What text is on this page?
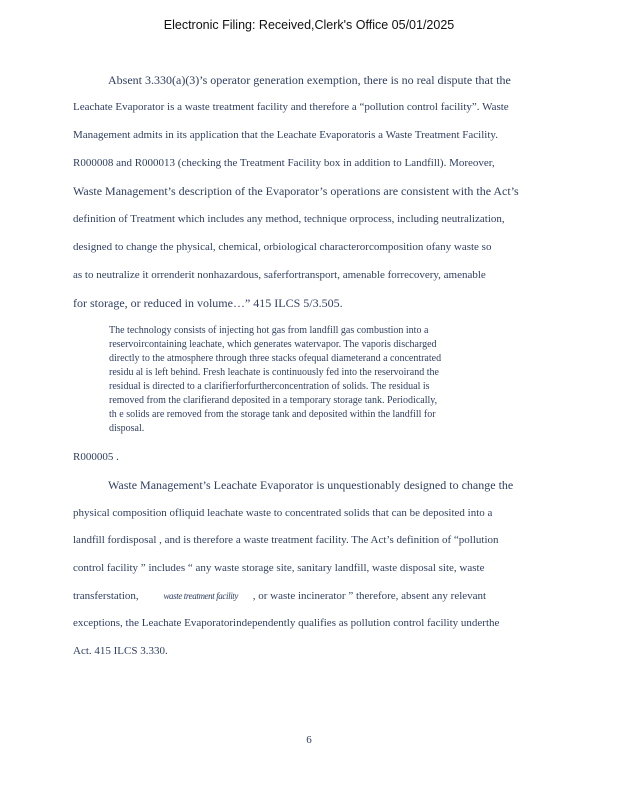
Electronic Filing: Received,Clerk's Office 05/01/2025
Absent 3.330(a)(3)’s operator generation exemption, there is no real dispute that the
Leachate Evaporator is a waste treatment facility and therefore a “pollution control facility”. Waste
Management admits in its application that the Leachate Evaporatoris a Waste Treatment Facility.
R000008 and R000013 (checking the Treatment Facility box in addition to Landfill). Moreover,
Waste Management’s description of the Evaporator’s operations are consistent with the Act’s
definition of Treatment which includes any method, technique orprocess, including neutralization,
designed to change the physical, chemical, orbiological characterorcomposition ofany waste so
as to neutralize it orrenderit nonhazardous, saferfortransport, amenable forrecovery, amenable
for storage, or reduced in volume…” 415 ILCS 5/3.505.
The technology consists of injecting hot gas from landfill gas combustion into a
reservoircontaining leachate, which generates watervapor. The vaporis discharged
directly to the atmosphere through three stacks ofequal diameterand a concentrated
residu al is left behind. Fresh leachate is continuously fed into the reservoirand the
residual is directed to a clarifierforfurtherconcentration of solids. The residual is
removed from the clarifierand deposited in a temporary storage tank. Periodically,
th e solids are removed from the storage tank and deposited within the landfill for
disposal.
R000005 .
Waste Management’s Leachate Evaporator is unquestionably designed to change the
physical composition ofliquid leachate waste to concentrated solids that can be deposited into a
landfill fordisposal , and is therefore a waste treatment facility. The Act’s definition of “pollution
control facility ” includes “ any waste storage site, sanitary landfill, waste disposal site, waste
transferstation,	waste treatment facility , or waste incinerator ” therefore, absent any relevant
exceptions, the Leachate Evaporatorindependently qualifies as pollution control facility underthe
Act. 415 ILCS 3.330.
6
